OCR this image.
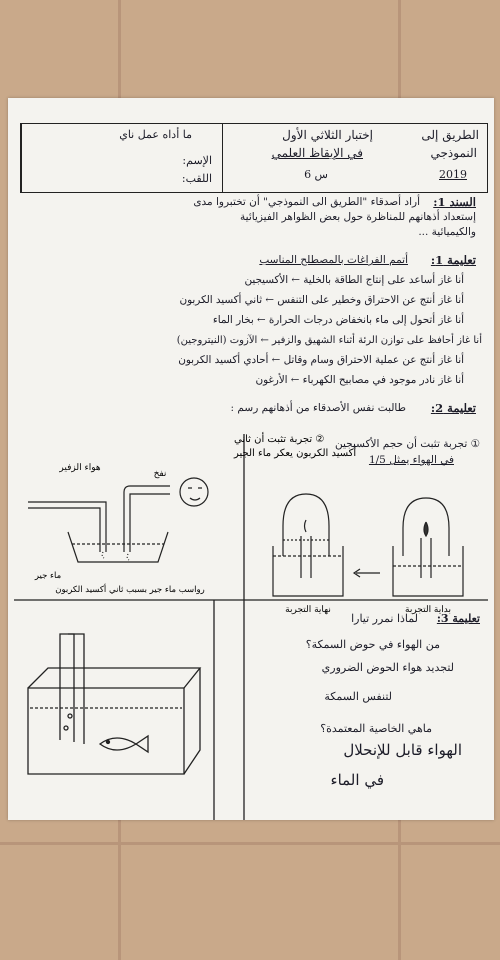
الطريق إلى
النموذجي
2019
إختبار الثلاثي الأول
في الإيقاظ العلمي
س 6
ما أداه عمل ناي
الإسم:
اللقب:
السند 1:
أراد أصدقاء "الطريق الى النموذجي" أن تختبروا مدى
إستعداد أذهانهم للمناظرة حول بعض الظواهر الفيزيائية
والكيميائية ...
تعليمة 1:
أتمم الفراغات بالمصطلح المناسب
أنا غاز أساعد على إنتاج الطاقة بالخلية ← الأكسيجين
أنا غاز أنتج عن الاحتراق وخطير على التنفس ← ثاني أكسيد الكربون
أنا غاز أتحول إلى ماء بانخفاض درجات الحرارة ← بخار الماء
أنا غاز أحافظ على توازن الرئة أثناء الشهيق والزفير ← الآزوت (النيتروجين)
أنا غاز أنتج عن عملية الاحتراق وسام وقاتل ← أحادي أكسيد الكربون
أنا غاز نادر موجود في مصابيح الكهرباء ← الأرغون
تعليمة 2:
طالبت نفس الأصدقاء من أذهانهم رسم :
① تجربة تثبت أن حجم الأكسيجين
في الهواء يمثل 1/5
بداية التجربة
نهاية التجربة
② تجربة تثبت أن ثاني
أكسيد الكربون يعكر ماء الجير
هواء الزفير
نفخ
ماء جير
رواسب ماء جير بسبب ثاني أكسيد الكربون
تعليمة 3:
لماذا نمرر تيارا
من الهواء في حوض السمكة؟
لتجديد هواء الحوض الضروري
لتنفس السمكة
ماهي الخاصية المعتمدة؟
الهواء قابل للإنحلال
في الماء
